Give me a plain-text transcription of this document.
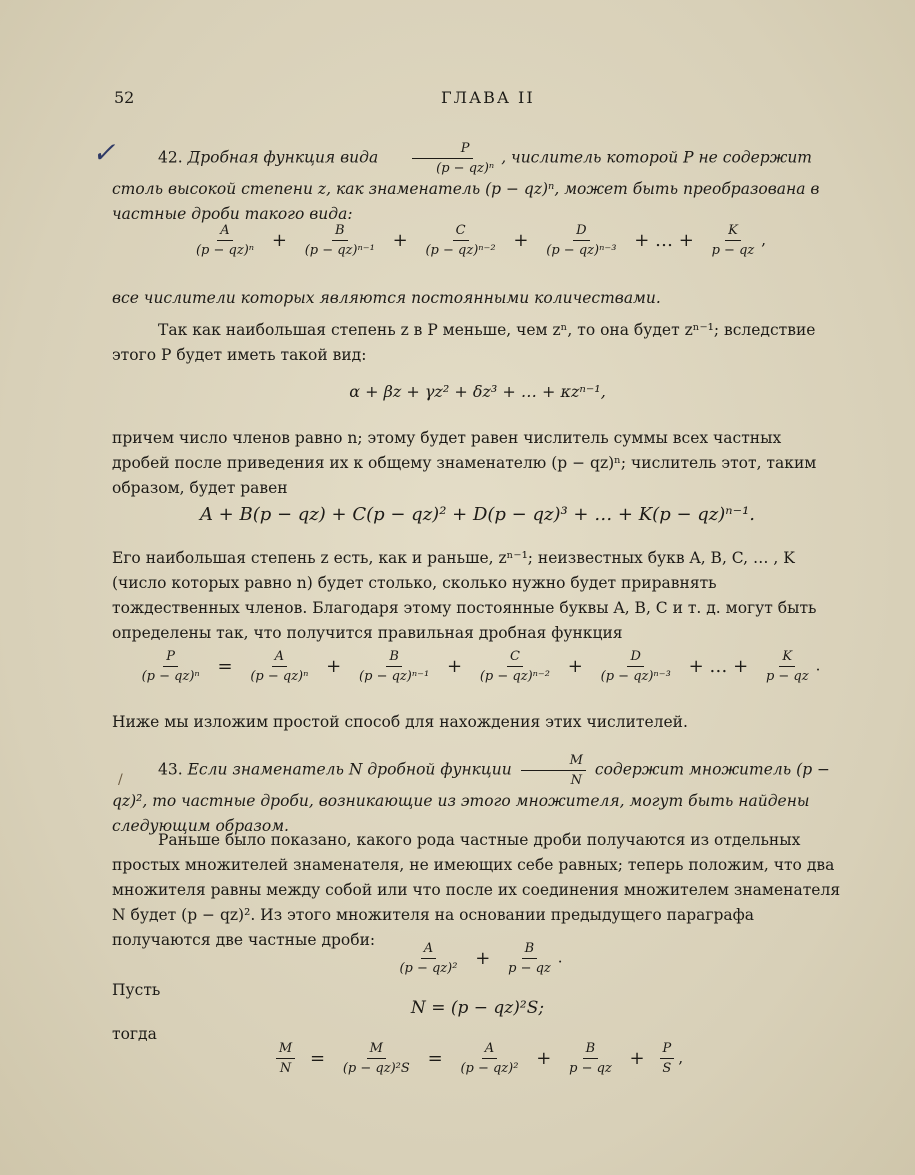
52	ГЛАВА II
✓	42. Дробная функция вида $\frac{P}{\text{(p − qz)ⁿ}}$ , числитель которой P не содержит столь высокой степени z, как знаменатель (p − qz)ⁿ, может быть преобразована в частные дроби такого вида:
$\frac{A}{\text{(p − qz)ⁿ}} + \frac{B}{\text{(p − qz)ⁿ⁻¹}} + \frac{C}{\text{(p − qz)ⁿ⁻²}} + \frac{D}{\text{(p − qz)ⁿ⁻³}}$ + … + $\frac{K}{p - qz}$ ,
все числители которых являются постоянными количествами.
Так как наибольшая степень z в P меньше, чем zⁿ, то она будет zⁿ⁻¹; вследствие этого P будет иметь такой вид:
α + βz + γz² + δz³ + … + κzⁿ⁻¹,
причем число членов равно n; этому будет равен числитель суммы всех частных дробей после приведения их к общему знаменателю (p − qz)ⁿ; числитель этот, таким образом, будет равен
A + B(p − qz) + C(p − qz)² + D(p − qz)³ + … + K(p − qz)ⁿ⁻¹.
Его наибольшая степень z есть, как и раньше, zⁿ⁻¹; неизвестных букв A, B, C, … , K (число которых равно n) будет столько, сколько нужно будет приравнять тождественных членов. Благодаря этому постоянные буквы A, B, C и т. д. могут быть определены так, что получится правильная дробная функция
$\frac{P}{\text{(p − qz)ⁿ}} = \frac{A}{\text{(p − qz)ⁿ}} + \frac{B}{\text{(p − qz)ⁿ⁻¹}} + \frac{C}{\text{(p − qz)ⁿ⁻²}} + \frac{D}{\text{(p − qz)ⁿ⁻³}}$ + … + $\frac{K}{p - qz}$ .
Ниже мы изложим простой способ для нахождения этих числителей.
43. Если знаменатель N дробной функции $\frac{M}{N}$ содержит множитель (p − qz)², то частные дроби, возникающие из этого множителя, могут быть найдены следующим образом.
Раньше было показано, какого рода частные дроби получаются из отдельных простых множителей знаменателя, не имеющих себе равных; теперь положим, что два множителя равны между собой или что после их соединения множителем знаменателя N будет (p − qz)². Из этого множителя на основании предыдущего параграфа получаются две частные дроби:	$\frac{A}{\text{(p − qz)²}} + \frac{B}{p - qz}$ .
Пусть
N = (p − qz)²S;
тогда
$\frac{M}{N} = \frac{M}{\text{(p − qz)²S}} = \frac{A}{\text{(p − qz)²}} + \frac{B}{p - qz} + \frac{P}{S}$ ,
/
